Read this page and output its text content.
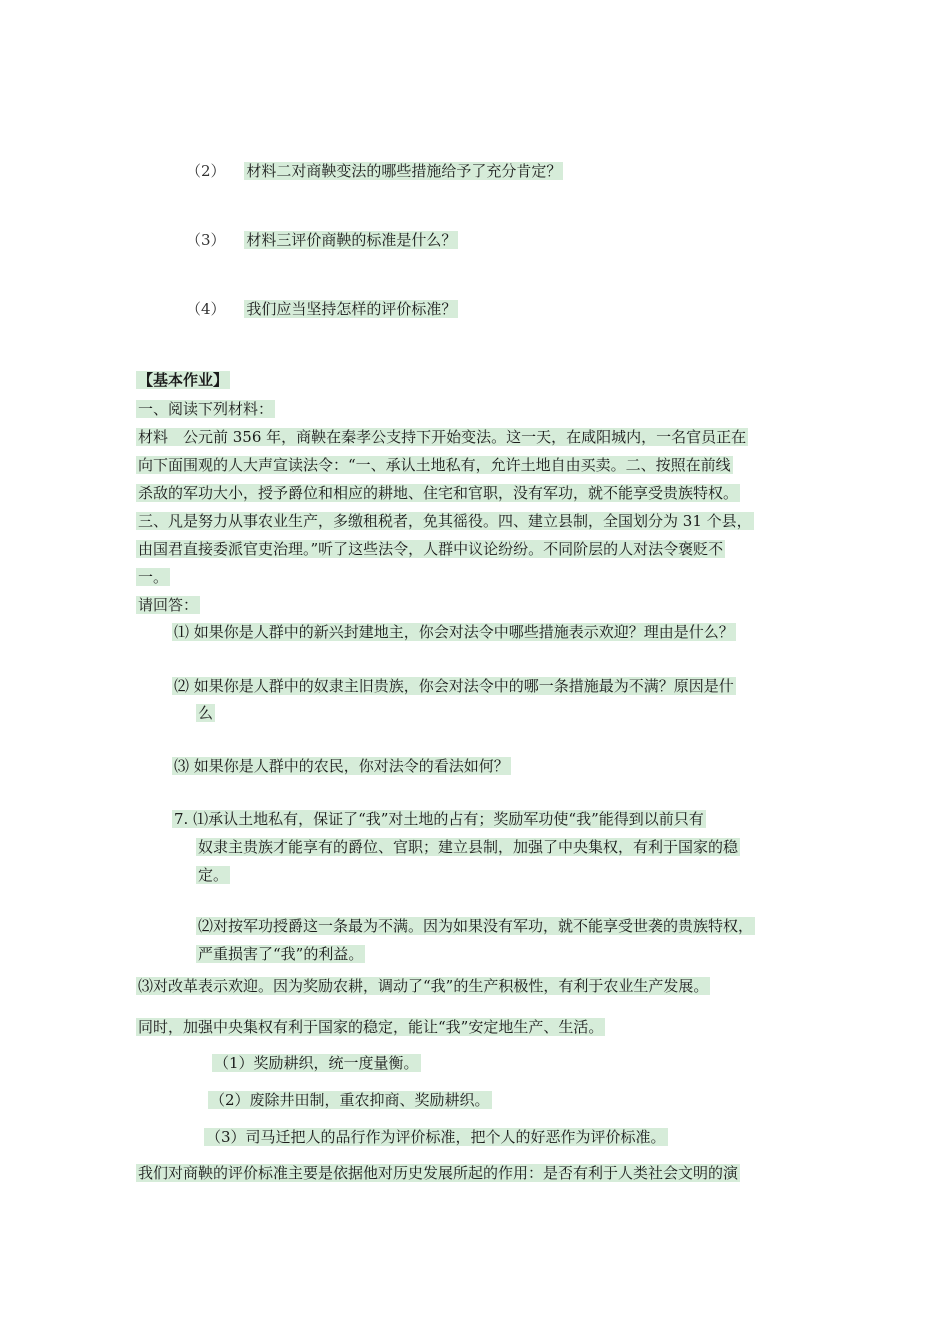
（2） 材料二对商鞅变法的哪些措施给予了充分肯定？
（3） 材料三评价商鞅的标准是什么？
（4） 我们应当坚持怎样的评价标准？
【基本作业】
一、阅读下列材料：
材料　公元前 356 年，商鞅在秦孝公支持下开始变法。这一天，在咸阳城内，一名官员正在
向下面围观的人大声宣读法令：“一、承认土地私有，允许土地自由买卖。二、按照在前线
杀敌的军功大小，授予爵位和相应的耕地、住宅和官职，没有军功，就不能享受贵族特权。
三、凡是努力从事农业生产，多缴租税者，免其徭役。四、建立县制，全国划分为 31 个县，
由国君直接委派官吏治理。”听了这些法令，人群中议论纷纷。不同阶层的人对法令褒贬不
一。
请回答：
⑴ 如果你是人群中的新兴封建地主，你会对法令中哪些措施表示欢迎？理由是什么？
⑵ 如果你是人群中的奴隶主旧贵族，你会对法令中的哪一条措施最为不满？原因是什
么
⑶ 如果你是人群中的农民，你对法令的看法如何？
7. ⑴承认土地私有，保证了“我”对土地的占有；奖励军功使“我”能得到以前只有
奴隶主贵族才能享有的爵位、官职；建立县制，加强了中央集权，有利于国家的稳
定。
⑵对按军功授爵这一条最为不满。因为如果没有军功，就不能享受世袭的贵族特权，
严重损害了“我”的利益。
⑶对改革表示欢迎。因为奖励农耕，调动了“我”的生产积极性，有利于农业生产发展。
同时，加强中央集权有利于国家的稳定，能让“我”安定地生产、生活。
（1）奖励耕织，统一度量衡。
（2）废除井田制，重农抑商、奖励耕织。
（3）司马迁把人的品行作为评价标准，把个人的好恶作为评价标准。
我们对商鞅的评价标准主要是依据他对历史发展所起的作用：是否有利于人类社会文明的演
